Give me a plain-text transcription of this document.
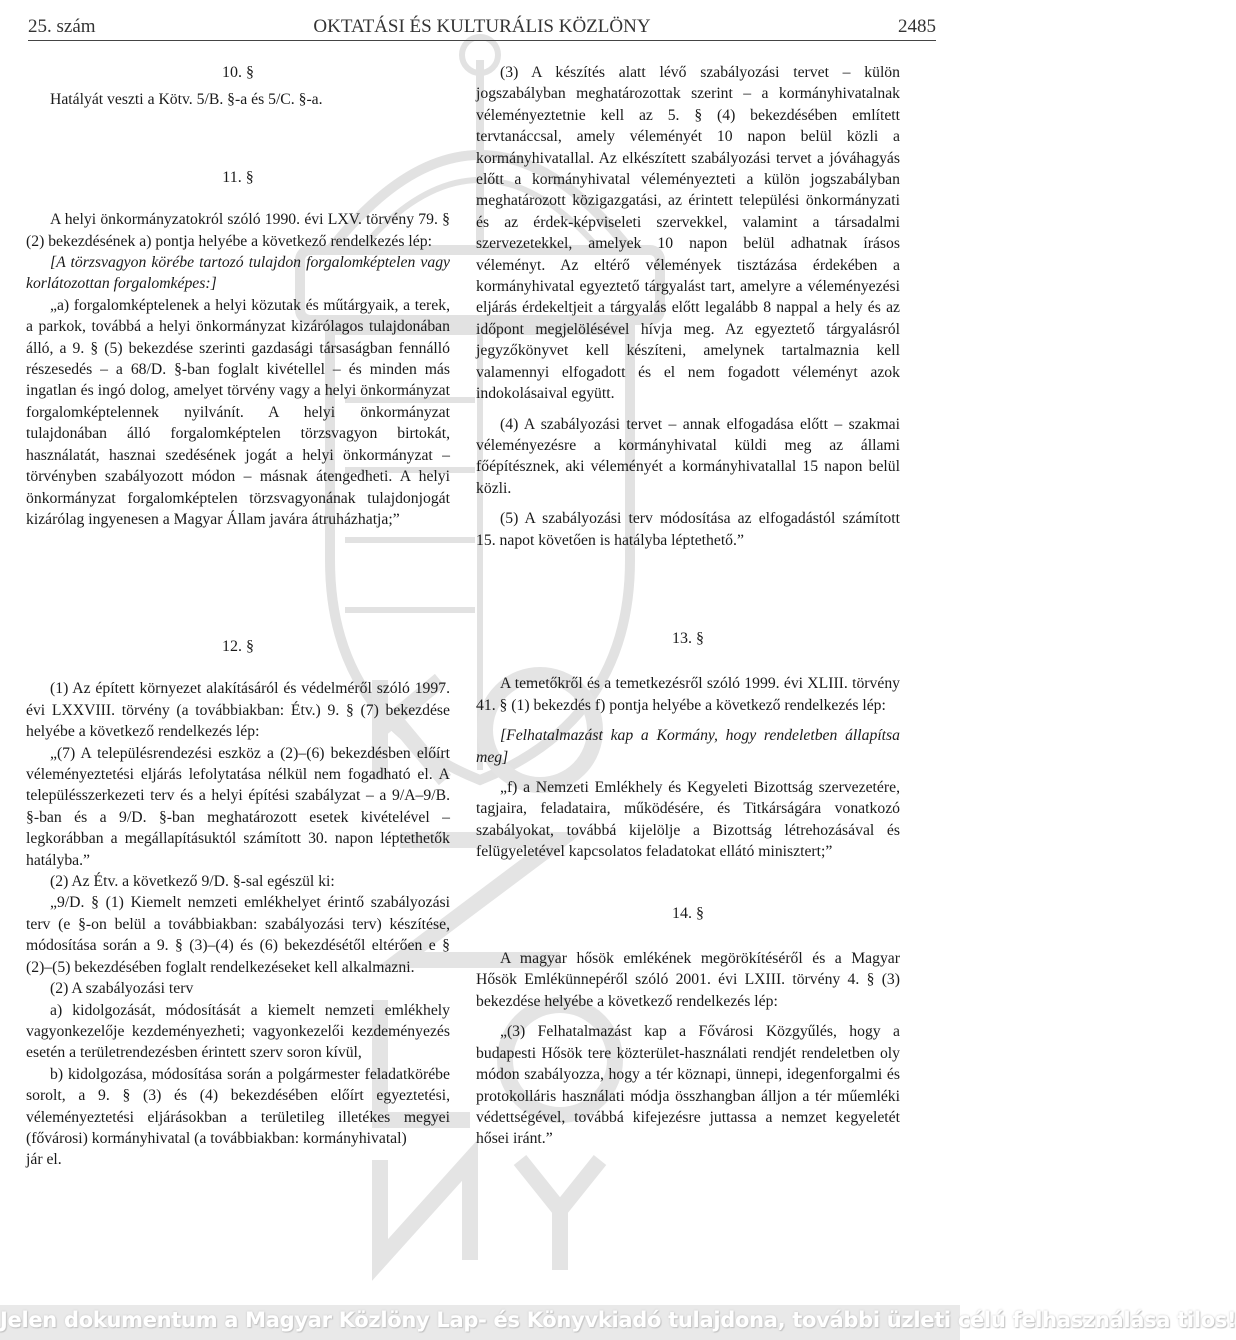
25. szám	OKTATÁSI ÉS KULTURÁLIS KÖZLÖNY	2485

10. §

Hatályát veszti a Kötv. 5/B. §-a és 5/C. §-a.

11. §

A helyi önkormányzatokról szóló 1990. évi LXV. törvény 79. § (2) bekezdésének a) pontja helyébe a következő rendelkezés lép:

[A törzsvagyon körébe tartozó tulajdon forgalomképtelen vagy korlátozottan forgalomképes:]

„a) forgalomképtelenek a helyi közutak és műtárgyaik, a terek, a parkok, továbbá a helyi önkormányzat kizárólagos tulajdonában álló, a 9. § (5) bekezdése szerinti gazdasági társaságban fennálló részesedés – a 68/D. §-ban foglalt kivétellel – és minden más ingatlan és ingó dolog, amelyet törvény vagy a helyi önkormányzat forgalomképtelennek nyilvánít. A helyi önkormányzat tulajdonában álló forgalomképtelen törzsvagyon birtokát, használatát, hasznai szedésének jogát a helyi önkormányzat – törvényben szabályozott módon – másnak átengedheti. A helyi önkormányzat forgalomképtelen törzsvagyonának tulajdonjogát kizárólag ingyenesen a Magyar Állam javára átruházhatja;”

12. §

(1) Az épített környezet alakításáról és védelméről szóló 1997. évi LXXVIII. törvény (a továbbiakban: Étv.) 9. § (7) bekezdése helyébe a következő rendelkezés lép:

„(7) A településrendezési eszköz a (2)–(6) bekezdésben előírt véleményeztetési eljárás lefolytatása nélkül nem fogadható el. A településszerkezeti terv és a helyi építési szabályzat – a 9/A–9/B. §-ban és a 9/D. §-ban meghatározott esetek kivételével – legkorábban a megállapításuktól számított 30. napon léptethetők hatályba.”

(2) Az Étv. a következő 9/D. §-sal egészül ki:

„9/D. § (1) Kiemelt nemzeti emlékhelyet érintő szabályozási terv (e §-on belül a továbbiakban: szabályozási terv) készítése, módosítása során a 9. § (3)–(4) és (6) bekezdésétől eltérően e § (2)–(5) bekezdésében foglalt rendelkezéseket kell alkalmazni.

(2) A szabályozási terv

a) kidolgozását, módosítását a kiemelt nemzeti emlékhely vagyonkezelője kezdeményezheti; vagyonkezelői kezdeményezés esetén a területrendezésben érintett szerv soron kívül,

b) kidolgozása, módosítása során a polgármester feladatkörébe sorolt, a 9. § (3) és (4) bekezdésében előírt egyeztetési, véleményeztetési eljárásokban a területileg illetékes megyei (fővárosi) kormányhivatal (a továbbiakban: kormányhivatal)

jár el.

(3) A készítés alatt lévő szabályozási tervet – külön jogszabályban meghatározottak szerint – a kormányhivatalnak véleményeztetnie kell az 5. § (4) bekezdésében említett tervtanáccsal, amely véleményét 10 napon belül közli a kormányhivatallal. Az elkészített szabályozási tervet a jóváhagyás előtt a kormányhivatal véleményezteti a külön jogszabályban meghatározott közigazgatási, az érintett települési önkormányzati és az érdek-képviseleti szervekkel, valamint a társadalmi szervezetekkel, amelyek 10 napon belül adhatnak írásos véleményt. Az eltérő vélemények tisztázása érdekében a kormányhivatal egyeztető tárgyalást tart, amelyre a véleményezési eljárás érdekeltjeit a tárgyalás előtt legalább 8 nappal a hely és az időpont megjelölésével hívja meg. Az egyeztető tárgyalásról jegyzőkönyvet kell készíteni, amelynek tartalmaznia kell valamennyi elfogadott és el nem fogadott véleményt azok indokolásaival együtt.

(4) A szabályozási tervet – annak elfogadása előtt – szakmai véleményezésre a kormányhivatal küldi meg az állami főépítésznek, aki véleményét a kormányhivatallal 15 napon belül közli.

(5) A szabályozási terv módosítása az elfogadástól számított 15. napot követően is hatályba léptethető.”

13. §

A temetőkről és a temetkezésről szóló 1999. évi XLIII. törvény 41. § (1) bekezdés f) pontja helyébe a következő rendelkezés lép:

[Felhatalmazást kap a Kormány, hogy rendeletben állapítsa meg]

„f) a Nemzeti Emlékhely és Kegyeleti Bizottság szervezetére, tagjaira, feladataira, működésére, és Titkárságára vonatkozó szabályokat, továbbá kijelölje a Bizottság létrehozásával és felügyeletével kapcsolatos feladatokat ellátó minisztert;”

14. §

A magyar hősök emlékének megörökítéséről és a Magyar Hősök Emlékünnepéről szóló 2001. évi LXIII. törvény 4. § (3) bekezdése helyébe a következő rendelkezés lép:

„(3) Felhatalmazást kap a Fővárosi Közgyűlés, hogy a budapesti Hősök tere közterület-használati rendjét rendeletben oly módon szabályozza, hogy a tér köznapi, ünnepi, idegenforgalmi és protokolláris használati módja összhangban álljon a tér műemléki védettségével, továbbá kifejezésre juttassa a nemzet kegyeletét hősei iránt.”

Jelen dokumentum a Magyar Közlöny Lap- és Könyvkiadó tulajdona, további üzleti célú felhasználása tilos!
